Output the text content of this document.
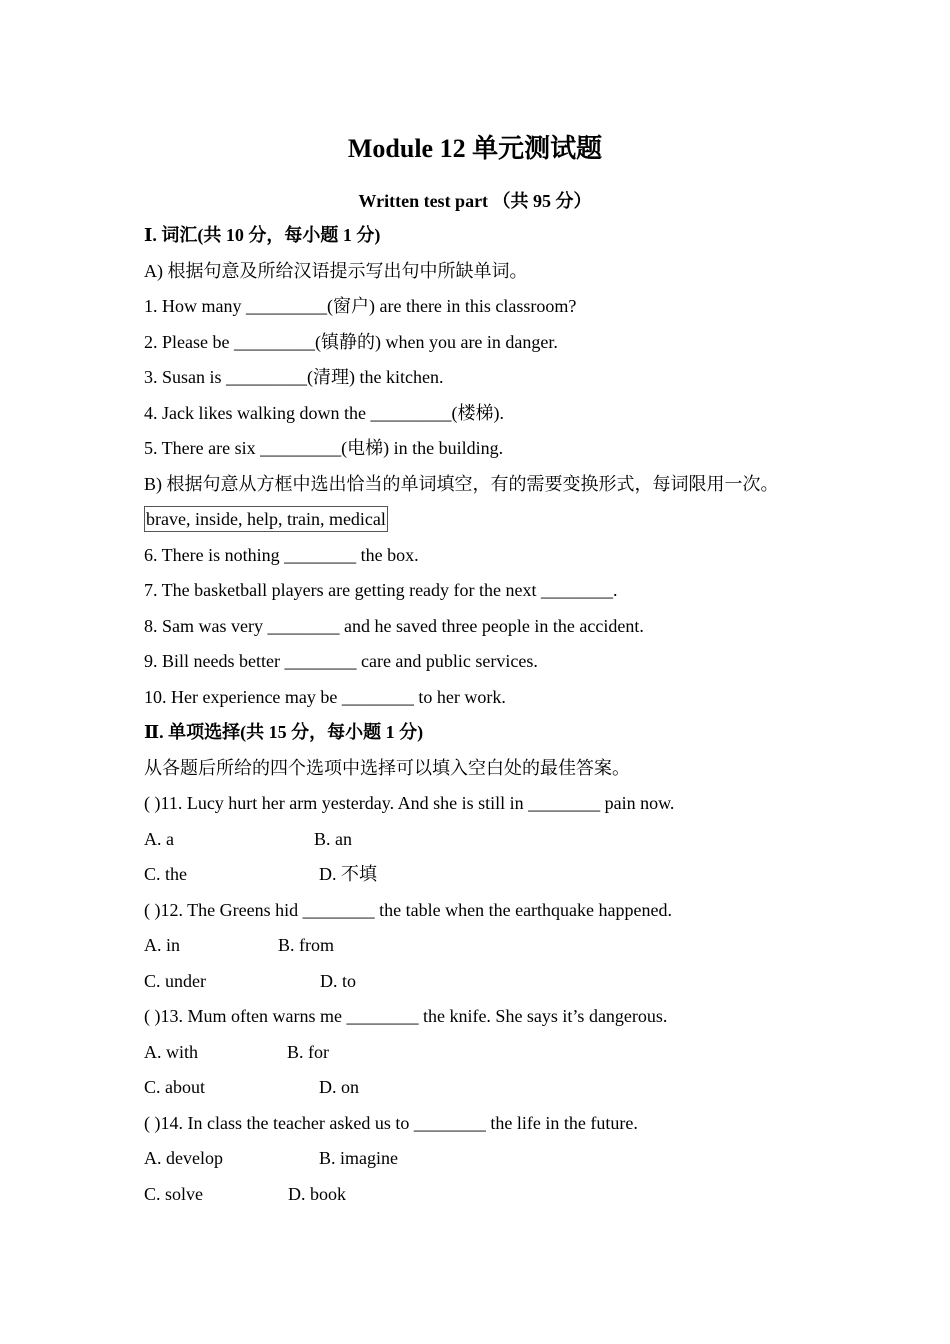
Module 12 单元测试题
Written test part （共 95 分）
Ⅰ. 词汇(共 10 分，每小题 1 分)
A) 根据句意及所给汉语提示写出句中所缺单词。
1. How many _________(窗户) are there in this classroom?
2. Please be _________(镇静的) when you are in danger.
3. Susan is _________(清理) the kitchen.
4. Jack likes walking down the _________(楼梯).
5. There are six _________(电梯) in the building.
B) 根据句意从方框中选出恰当的单词填空，有的需要变换形式，每词限用一次。
brave, inside, help, train, medical
6. There is nothing ________ the box.
7. The basketball players are getting ready for the next ________.
8. Sam was very ________ and he saved three people in the accident.
9. Bill needs better ________ care and public services.
10. Her experience may be ________ to her work.
Ⅱ. 单项选择(共 15 分，每小题 1 分)
从各题后所给的四个选项中选择可以填入空白处的最佳答案。
( )11. Lucy hurt her arm yesterday. And she is still in ________ pain now.
A. a	B. an
C. the	D. 不填
( )12. The Greens hid ________ the table when the earthquake happened.
A. in	B. from
C. under	D. to
( )13. Mum often warns me ________ the knife. She says it’s dangerous.
A. with	B. for
C. about	D. on
( )14. In class the teacher asked us to ________ the life in the future.
A. develop	B. imagine
C. solve	D. book
